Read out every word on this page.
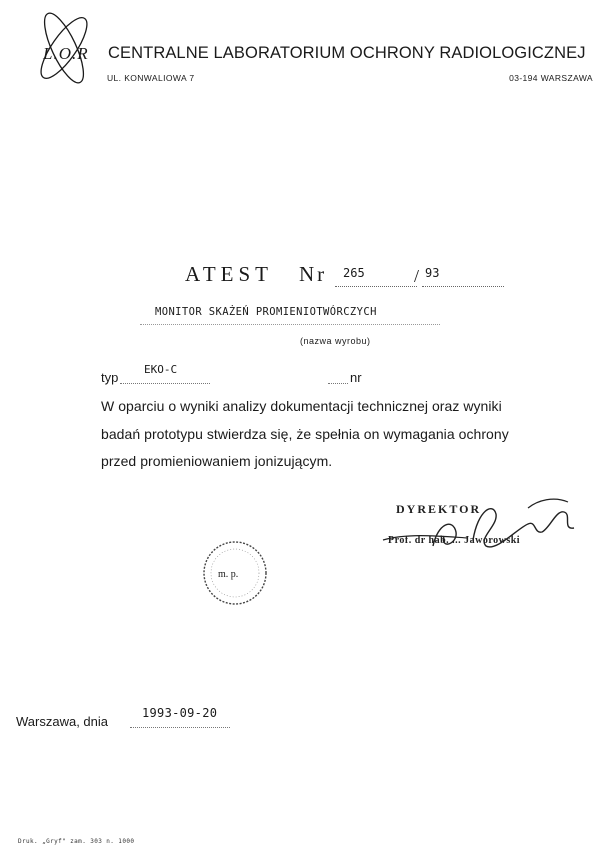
L.O.R CENTRALNE LABORATORIUM OCHRONY RADIOLOGICZNEJ
UL. KONWALIOWA 7	03-194 WARSZAWA
ATEST Nr 265	/ 93
MONITOR SKAŻEŃ PROMIENIOTWÓRCZYCH
(nazwa wyrobu)
typ
EKO-C
nr

W oparciu o wyniki analizy dokumentacji technicznej oraz wyniki

badań prototypu stwierdza się, że spełnia on wymagania ochrony

przed promieniowaniem jonizującym.

DYREKTOR
Prof. dr hab. ... Jaworowski
m. p.
Warszawa, dnia
1993-09-20
Druk. „Gryf" zam. 303 n. 1000
